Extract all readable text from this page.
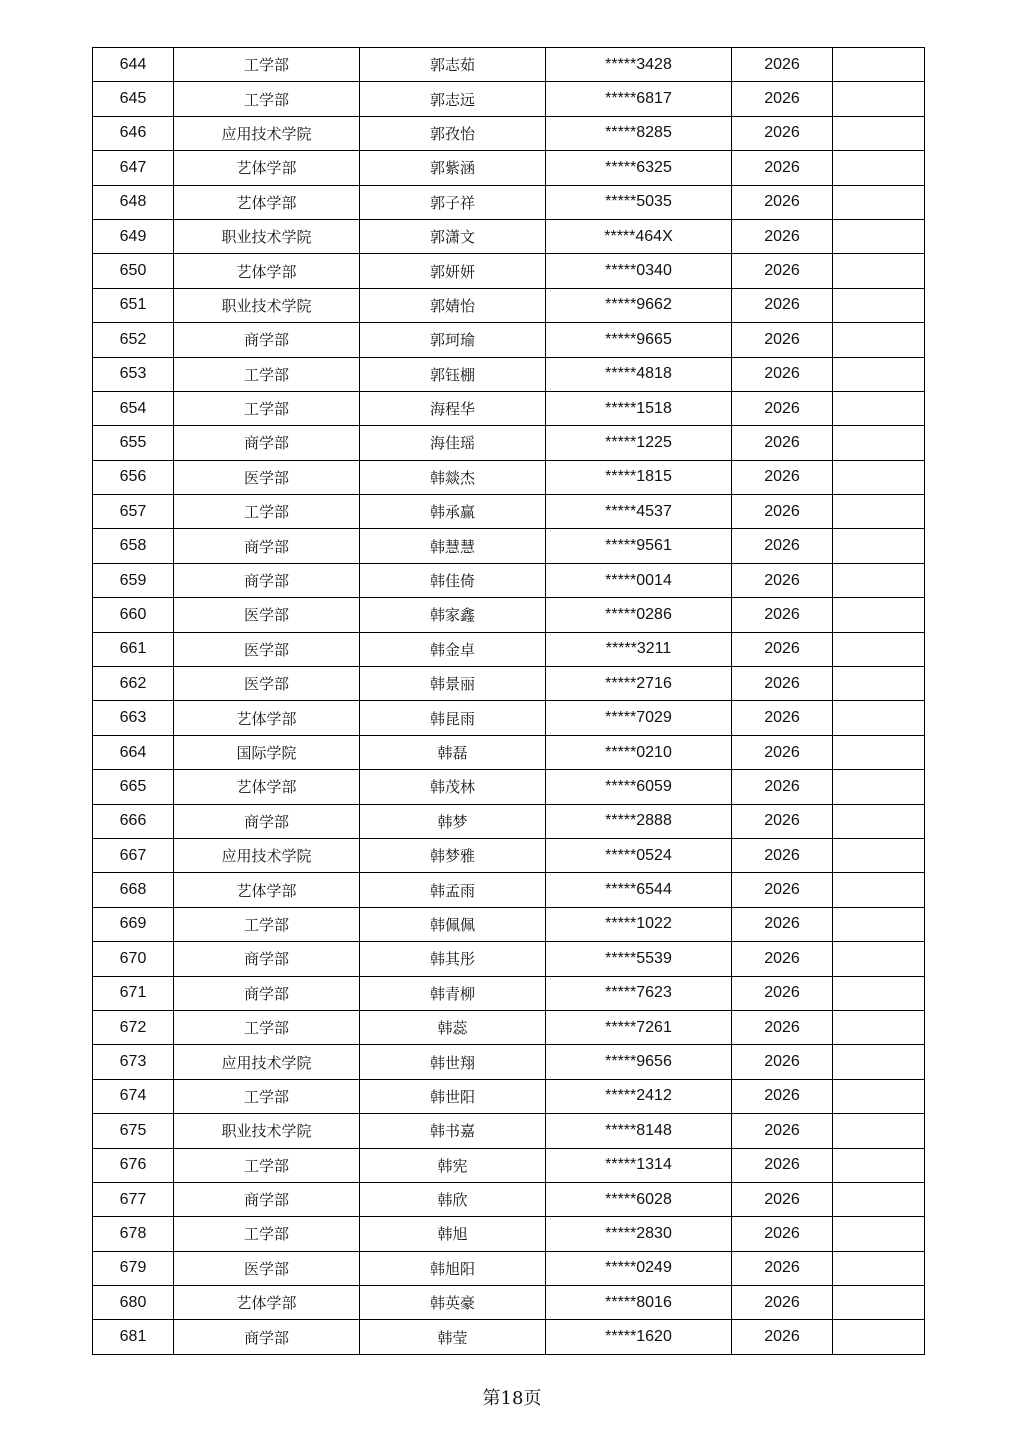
644	工学部	郭志茹	*****3428	2026	
645	工学部	郭志远	*****6817	2026	
646	应用技术学院	郭孜怡	*****8285	2026	
647	艺体学部	郭紫涵	*****6325	2026	
648	艺体学部	郭子祥	*****5035	2026	
649	职业技术学院	郭潇文	*****464X	2026	
650	艺体学部	郭妍妍	*****0340	2026	
651	职业技术学院	郭婧怡	*****9662	2026	
652	商学部	郭珂瑜	*****9665	2026	
653	工学部	郭钰棚	*****4818	2026	
654	工学部	海程华	*****1518	2026	
655	商学部	海佳瑶	*****1225	2026	
656	医学部	韩燚杰	*****1815	2026	
657	工学部	韩承赢	*****4537	2026	
658	商学部	韩慧慧	*****9561	2026	
659	商学部	韩佳倚	*****0014	2026	
660	医学部	韩家鑫	*****0286	2026	
661	医学部	韩金卓	*****3211	2026	
662	医学部	韩景丽	*****2716	2026	
663	艺体学部	韩昆雨	*****7029	2026	
664	国际学院	韩磊	*****0210	2026	
665	艺体学部	韩茂林	*****6059	2026	
666	商学部	韩梦	*****2888	2026	
667	应用技术学院	韩梦雅	*****0524	2026	
668	艺体学部	韩孟雨	*****6544	2026	
669	工学部	韩佩佩	*****1022	2026	
670	商学部	韩其彤	*****5539	2026	
671	商学部	韩青柳	*****7623	2026	
672	工学部	韩蕊	*****7261	2026	
673	应用技术学院	韩世翔	*****9656	2026	
674	工学部	韩世阳	*****2412	2026	
675	职业技术学院	韩书嘉	*****8148	2026	
676	工学部	韩宪	*****1314	2026	
677	商学部	韩欣	*****6028	2026	
678	工学部	韩旭	*****2830	2026	
679	医学部	韩旭阳	*****0249	2026	
680	艺体学部	韩英豪	*****8016	2026	
681	商学部	韩莹	*****1620	2026	
第18页
